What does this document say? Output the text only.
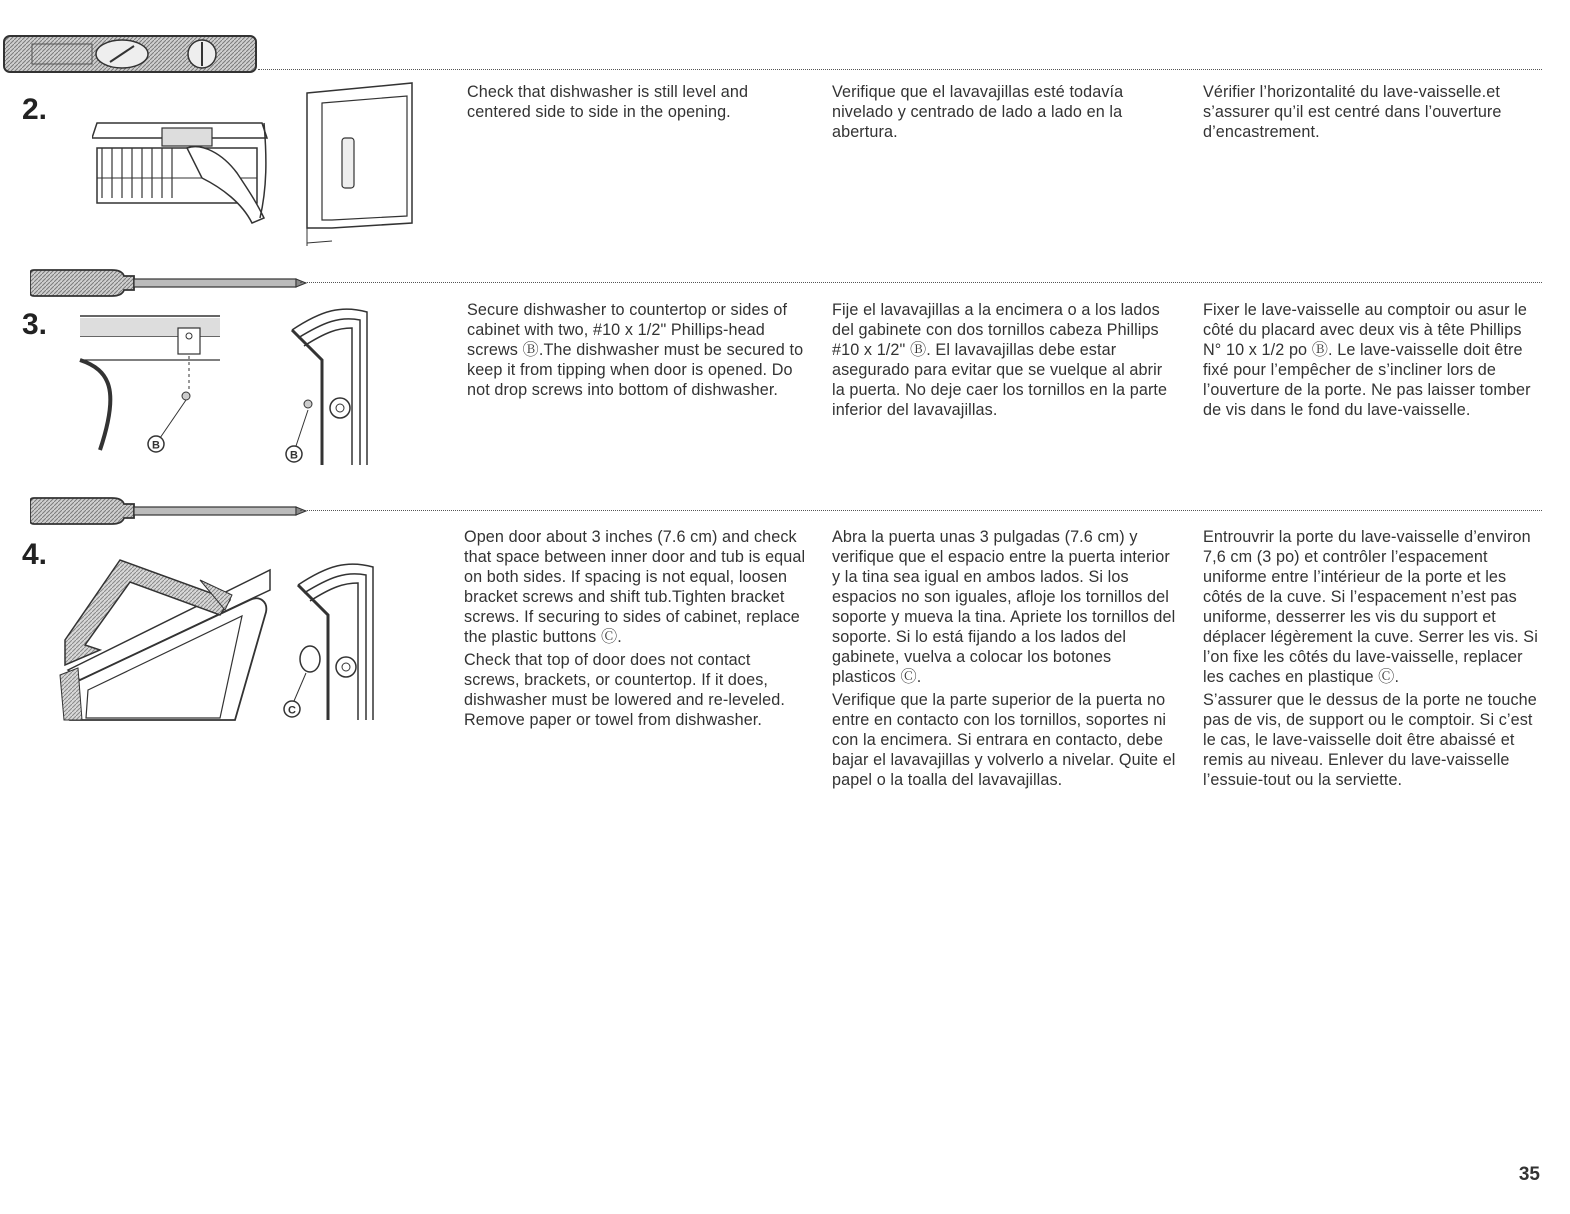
2.

Check that dishwasher is still level and centered side to side in the opening.

Verifique que el lavavajillas esté todavía nivelado y centrado de lado a lado en la abertura.

Vérifier l’horizontalité du lave-vaisselle.et s’assurer qu’il est centré dans l’ouverture d’encastrement.

3.
B
B

Secure dishwasher to countertop or sides of cabinet with two, #10 x 1/2" Phillips-head screws Ⓑ.The dishwasher must be secured to keep it from tipping when door is opened. Do not drop screws into bottom of dishwasher.

Fije el lavavajillas a la encimera o a los lados del gabinete con dos tornillos cabeza Phillips #10 x 1/2" Ⓑ. El lavavajillas debe estar asegurado para evitar que se vuelque al abrir la puerta. No deje caer los tornillos en la parte inferior del lavavajillas.

Fixer le lave-vaisselle au comptoir ou asur le côté du placard avec deux vis à tête Phillips N° 10 x 1/2 po Ⓑ. Le lave-vaisselle doit être fixé pour l’empêcher de s’incliner lors de l’ouverture de la porte. Ne pas laisser tomber de vis dans le fond du lave-vaisselle.

4.
C

Open door about 3 inches (7.6 cm) and check that space between inner door and tub is equal on both sides. If spacing is not equal, loosen bracket screws and shift tub.Tighten bracket screws. If securing to sides of cabinet, replace the plastic buttons Ⓒ.

Check that top of door does not contact screws, brackets, or countertop. If it does, dishwasher must be lowered and re-leveled. Remove paper or towel from dishwasher.

Abra la puerta unas 3 pulgadas (7.6 cm) y verifique que el espacio entre la puerta interior y la tina sea igual en ambos lados. Si los espacios no son iguales, afloje los tornillos del soporte y mueva la tina. Apriete los tornillos del soporte. Si lo está fijando a los lados del gabinete, vuelva a colocar los botones plasticos Ⓒ.

Verifique que la parte superior de la puerta no entre en contacto con los tornillos, soportes ni con la encimera. Si entrara en contacto, debe bajar el lavavajillas y volverlo a nivelar. Quite el papel o la toalla del lavavajillas.

Entrouvrir la porte du lave-vaisselle d’environ 7,6 cm (3 po) et contrôler l’espacement uniforme entre l’intérieur de la porte et les côtés de la cuve. Si l’espacement n’est pas uniforme, desserrer les vis du support et déplacer légèrement la cuve. Serrer les vis. Si l’on fixe les côtés du lave-vaisselle, replacer les caches en plastique Ⓒ.

S’assurer que le dessus de la porte ne touche pas de vis, de support ou le comptoir. Si c’est le cas, le lave-vaisselle doit être abaissé et remis au niveau. Enlever du lave-vaisselle l’essuie-tout ou la serviette.

35
